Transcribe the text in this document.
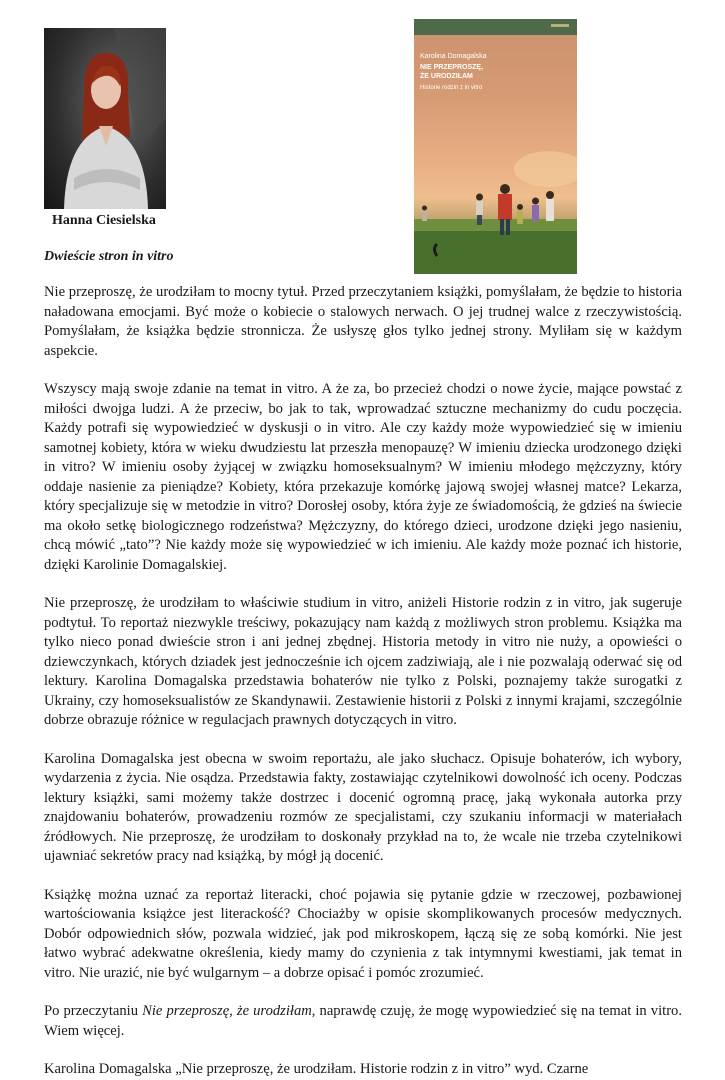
Hanna Ciesielska
Dwieście stron in vitro
Karolina Domagalska
NIE PRZEPROSZĘ,
ŻE URODZIŁAM
Historie rodzin z in vitro

Nie przeproszę, że urodziłam to mocny tytuł. Przed przeczytaniem książki, pomyślałam, że będzie to historia naładowana emocjami. Być może o kobiecie o stalowych nerwach. O jej trudnej walce z rzeczywistością. Pomyślałam, że książka będzie stronnicza. Że usłyszę głos tylko jednej strony. Myliłam się w każdym aspekcie.

Wszyscy mają swoje zdanie na temat in vitro. A że za, bo przecież chodzi o nowe życie, mające powstać z miłości dwojga ludzi. A że przeciw, bo jak to tak, wprowadzać sztuczne mechanizmy do cudu poczęcia. Każdy potrafi się wypowiedzieć w dyskusji o in vitro. Ale czy każdy może wypowiedzieć się w imieniu samotnej kobiety, która w wieku dwudziestu lat przeszła menopauzę? W imieniu dziecka urodzonego dzięki in vitro? W imieniu osoby żyjącej w związku homoseksualnym? W imieniu młodego mężczyzny, który oddaje nasienie za pieniądze? Kobiety, która przekazuje komórkę jajową swojej własnej matce? Lekarza, który specjalizuje się w metodzie in vitro? Dorosłej osoby, która żyje ze świadomością, że gdzieś na świecie ma około setkę biologicznego rodzeństwa? Mężczyzny, do którego dzieci, urodzone dzięki jego nasieniu, chcą mówić „tato”? Nie każdy może się wypowiedzieć w ich imieniu. Ale każdy może poznać ich historie, dzięki Karolinie Domagalskiej.

Nie przeproszę, że urodziłam to właściwie studium in vitro, aniżeli Historie rodzin z in vitro, jak sugeruje podtytuł. To reportaż niezwykle treściwy, pokazujący nam każdą z możliwych stron problemu. Książka ma tylko nieco ponad dwieście stron i ani jednej zbędnej. Historia metody in vitro nie nuży, a opowieści o dziewczynkach, których dziadek jest jednocześnie ich ojcem zadziwiają, ale i nie pozwalają oderwać się od lektury. Karolina Domagalska przedstawia bohaterów nie tylko z Polski, poznajemy także surogatki z Ukrainy, czy homoseksualistów ze Skandynawii. Zestawienie historii z Polski z innymi krajami, szczególnie dobrze obrazuje różnice w regulacjach prawnych dotyczących in vitro.

Karolina Domagalska jest obecna w swoim reportażu, ale jako słuchacz. Opisuje bohaterów, ich wybory, wydarzenia z życia. Nie osądza. Przedstawia fakty, zostawiając czytelnikowi dowolność ich oceny. Podczas lektury książki, sami możemy także dostrzec i docenić ogromną pracę, jaką wykonała autorka przy znajdowaniu bohaterów, prowadzeniu rozmów ze specjalistami, czy szukaniu informacji w materiałach źródłowych. Nie przeproszę, że urodziłam to doskonały przykład na to, że wcale nie trzeba czytelnikowi ujawniać sekretów pracy nad książką, by mógł ją docenić.

Książkę można uznać za reportaż literacki, choć pojawia się pytanie gdzie w rzeczowej, pozbawionej wartościowania książce jest literackość? Chociażby w opisie skomplikowanych procesów medycznych. Dobór odpowiednich słów, pozwala widzieć, jak pod mikroskopem, łączą się ze sobą komórki. Nie jest łatwo wybrać adekwatne określenia, kiedy mamy do czynienia z tak intymnymi kwestiami, jak temat in vitro. Nie urazić, nie być wulgarnym – a dobrze opisać i pomóc zrozumieć.

Po przeczytaniu Nie przeproszę, że urodziłam, naprawdę czuję, że mogę wypowiedzieć się na temat in vitro. Wiem więcej.

Karolina Domagalska „Nie przeproszę, że urodziłam. Historie rodzin z in vitro” wyd. Czarne
